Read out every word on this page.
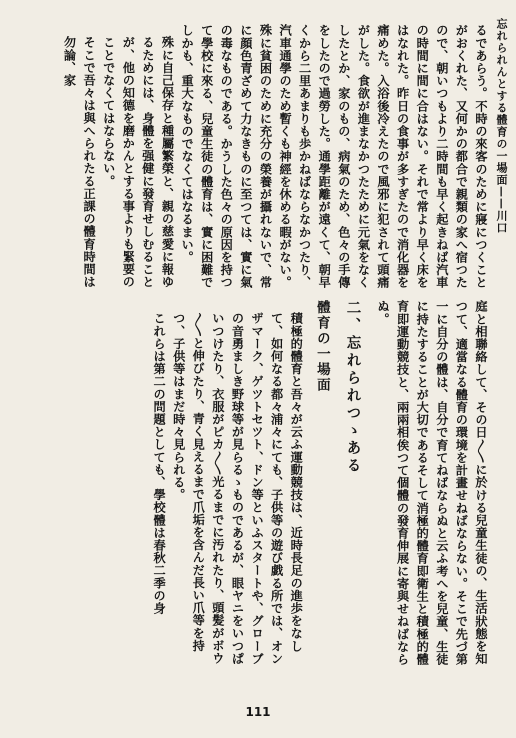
忘れられんとする體育の一場面——川口

るであらう。不時の來客のために寢につくことがおくれた、又何かの都合で親類の家へ宿つたので、朝いつもより二時間も早く起きねば汽車の時間に間に合はない。それで常より早く床をはなれた。昨日の食事が多すぎたので消化器を痛めた。入浴後冷えたので風邪に犯されて頭痛がした。食欲が進まなかつたために元氣をなくしたとか、家のもの、病氣のため、色々の手傳をしたので過勞した。通學距離が遠くて、朝早くから二里あまりも歩かねばならなかつたり、汽車通學のため暫くも神經を休める暇がない。殊に貧困のために充分の榮養が攝れないで、常に顔色青ざめて力なきものに至つては、實に氣の毒なものである。かうした色々の原因を持つて學校に來る、兒童生徒の體育は、實に困難でしかも、重大なものでなくてはなるまい。

殊に自己保存と種屬繁榮と、親の慈愛に報ゆるためには、身體を强健に發育せしむることが、他の知德を磨かんとする事よりも緊要のことでなくてはならない。

そこで吾々は與へられたる正課の體育時間は勿論、家

庭と相聯絡して、その日〳〵に於ける兒童生徒の、生活狀態を知つて、適當なる體育の環境を計畫せねばならない。そこで先づ第一に自分の體は、自分で育てねばならぬと云ふ考へを兒童、生徒に持たすることが大切であるそして消極的體育即衛生と積極的體育即運動競技と、兩兩相俟つて個體の發育伸展に寄與せねばならぬ。

二、忘れられつゝある

體育の一場面

積極的體育と吾々が云ふ運動競技は、近時長足の進歩をなして、如何なる都々浦々にても、子供等の遊び戯る所では、オンザマーク、ゲツトセツト、ドン等といふスタートや、グローブの音勇ましき野球等が見らるゝものであるが、眼ヤニをいつぱいつけたり、衣服がピカ〳〵光るまでに汚れたり、頭髪がボウ〳〵と伸びたり、青く見えるまで爪垢を含んだ長い爪等を持つ、子供等はまだ時々見られる。

これらは第二の問題としても、學校體は春秋二季の身

111
